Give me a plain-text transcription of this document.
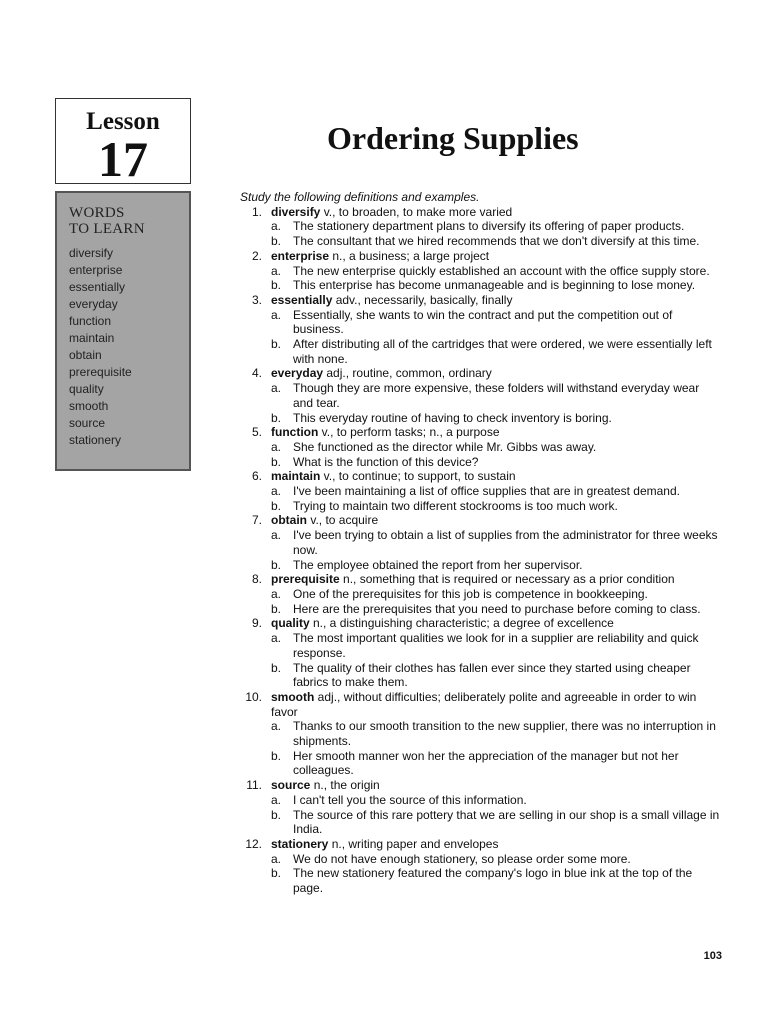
Lesson
17
WORDS
TO LEARN
diversify
enterprise
essentially
everyday
function
maintain
obtain
prerequisite
quality
smooth
source
stationery
Ordering Supplies

Study the following definitions and examples.

1. diversify v., to broaden, to make more varied
a. The stationery department plans to diversify its offering of paper products.
b. The consultant that we hired recommends that we don't diversify at this time.
2. enterprise n., a business; a large project
a. The new enterprise quickly established an account with the office supply store.
b. This enterprise has become unmanageable and is beginning to lose money.
3. essentially adv., necessarily, basically, finally
a. Essentially, she wants to win the contract and put the competition out of business.
b. After distributing all of the cartridges that were ordered, we were essentially left with none.
4. everyday adj., routine, common, ordinary
a. Though they are more expensive, these folders will withstand everyday wear and tear.
b. This everyday routine of having to check inventory is boring.
5. function v., to perform tasks; n., a purpose
a. She functioned as the director while Mr. Gibbs was away.
b. What is the function of this device?
6. maintain v., to continue; to support, to sustain
a. I've been maintaining a list of office supplies that are in greatest demand.
b. Trying to maintain two different stockrooms is too much work.
7. obtain v., to acquire
a. I've been trying to obtain a list of supplies from the administrator for three weeks now.
b. The employee obtained the report from her supervisor.
8. prerequisite n., something that is required or necessary as a prior condition
a. One of the prerequisites for this job is competence in bookkeeping.
b. Here are the prerequisites that you need to purchase before coming to class.
9. quality n., a distinguishing characteristic; a degree of excellence
a. The most important qualities we look for in a supplier are reliability and quick response.
b. The quality of their clothes has fallen ever since they started using cheaper fabrics to make them.
10. smooth adj., without difficulties; deliberately polite and agreeable in order to win favor
a. Thanks to our smooth transition to the new supplier, there was no interruption in shipments.
b. Her smooth manner won her the appreciation of the manager but not her colleagues.
11. source n., the origin
a. I can't tell you the source of this information.
b. The source of this rare pottery that we are selling in our shop is a small village in India.
12. stationery n., writing paper and envelopes
a. We do not have enough stationery, so please order some more.
b. The new stationery featured the company's logo in blue ink at the top of the page.
103
